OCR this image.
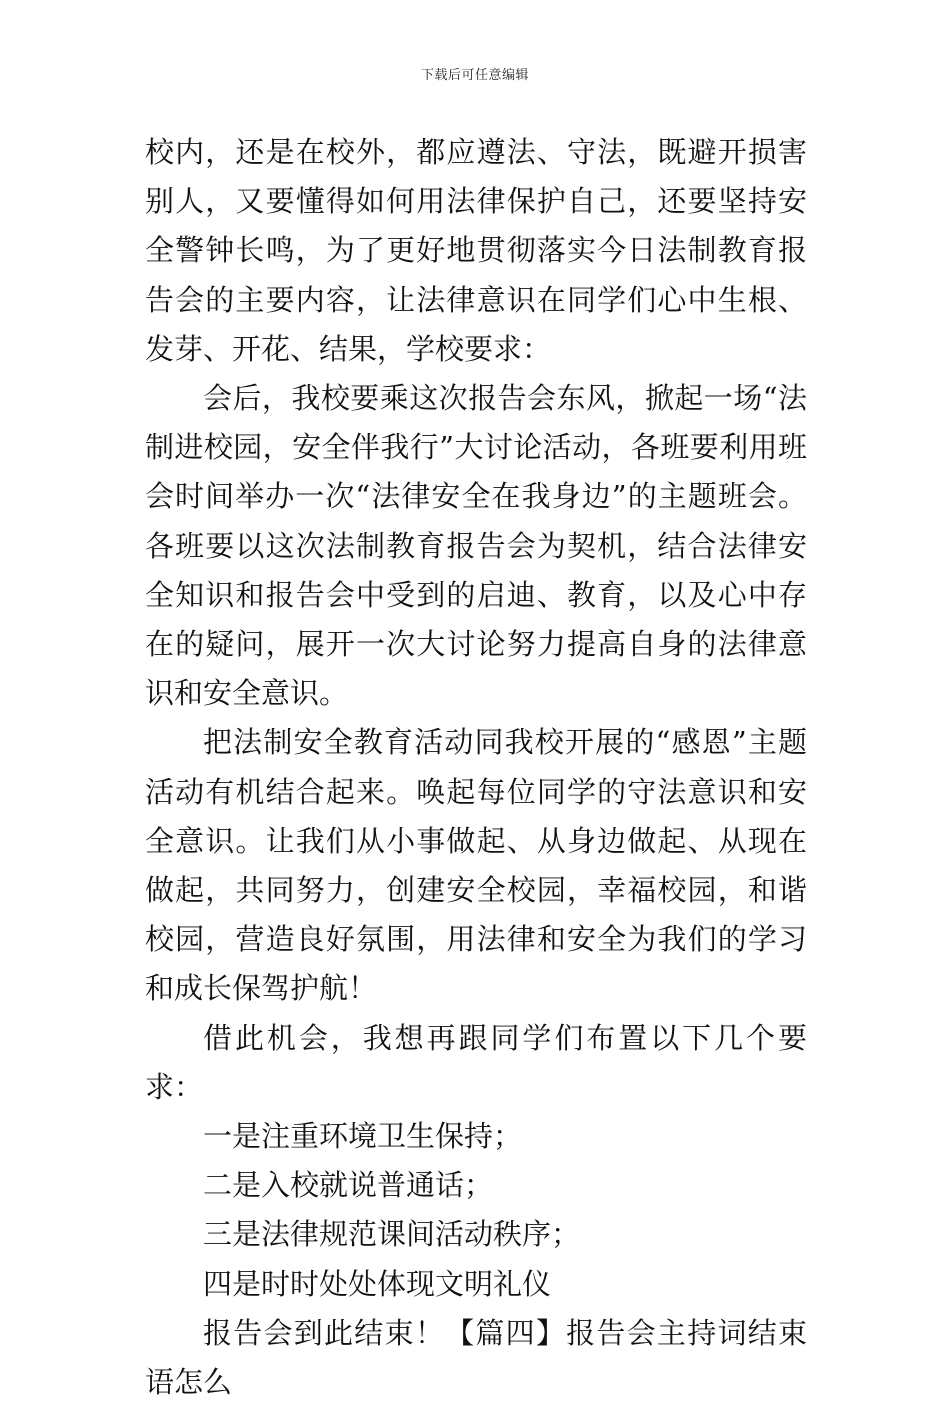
下载后可任意编辑

校内，还是在校外，都应遵法、守法，既避开损害别人，又要懂得如何用法律保护自己，还要坚持安全警钟长鸣，为了更好地贯彻落实今日法制教育报告会的主要内容，让法律意识在同学们心中生根、发芽、开花、结果，学校要求：

会后，我校要乘这次报告会东风，掀起一场“法制进校园，安全伴我行”大讨论活动，各班要利用班会时间举办一次“法律安全在我身边”的主题班会。各班要以这次法制教育报告会为契机，结合法律安全知识和报告会中受到的启迪、教育，以及心中存在的疑问，展开一次大讨论努力提高自身的法律意识和安全意识。

把法制安全教育活动同我校开展的“感恩”主题活动有机结合起来。唤起每位同学的守法意识和安全意识。让我们从小事做起、从身边做起、从现在做起，共同努力，创建安全校园，幸福校园，和谐校园，营造良好氛围，用法律和安全为我们的学习和成长保驾护航！

借此机会，我想再跟同学们布置以下几个要求：

一是注重环境卫生保持；

二是入校就说普通话；

三是法律规范课间活动秩序；

四是时时处处体现文明礼仪

报告会到此结束！【篇四】报告会主持词结束语怎么
